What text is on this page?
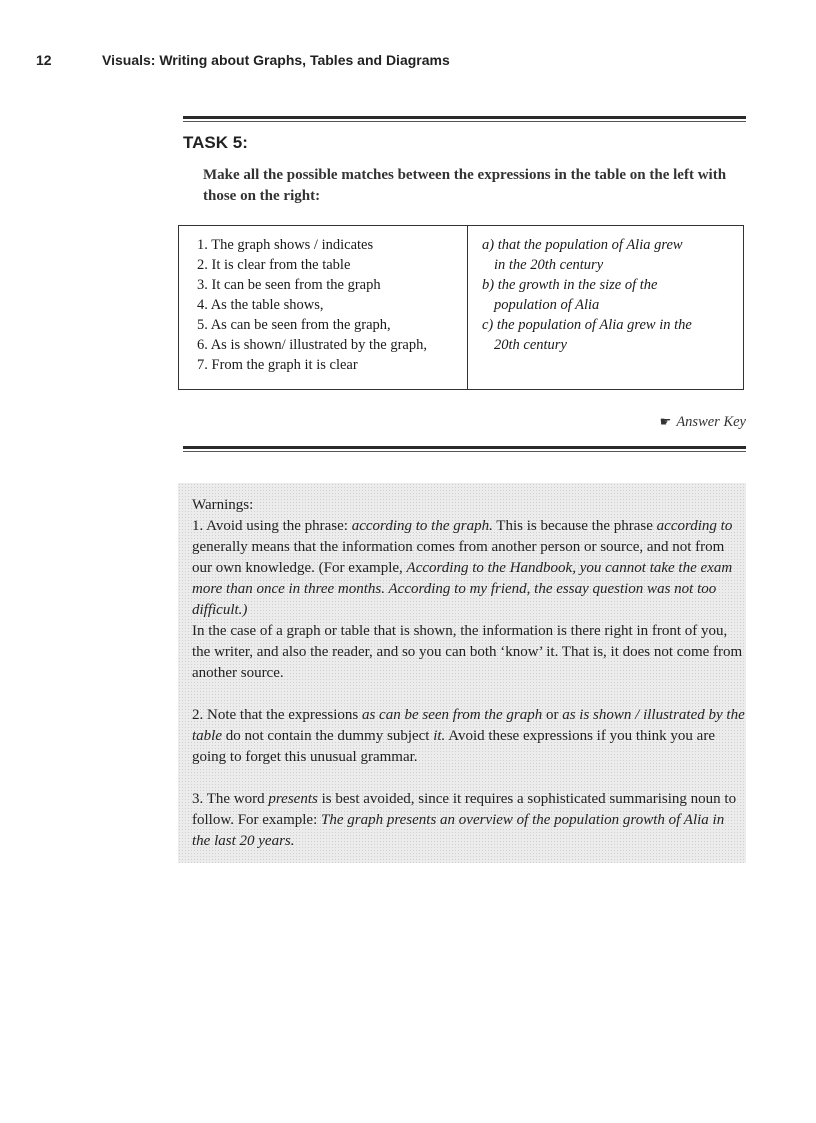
12	Visuals: Writing about Graphs, Tables and Diagrams
TASK 5:
Make all the possible matches between the expressions in the table on the left with those on the right:
1. The graph shows / indicates
2. It is clear from the table
3. It can be seen from the graph
4. As the table shows,
5. As can be seen from the graph,
6. As is shown/ illustrated by the graph,
7. From the graph it is clear
a) that the population of Alia grew
in the 20th century
b) the growth in the size of the
population of Alia
c) the population of Alia grew in the
20th century
☛ Answer Key

Warnings:

1. Avoid using the phrase: according to the graph. This is because the phrase according to generally means that the information comes from another person or source, and not from our own knowledge. (For example, According to the Handbook, you cannot take the exam more than once in three months. According to my friend, the essay question was not too difficult.)

In the case of a graph or table that is shown, the information is there right in front of you, the writer, and also the reader, and so you can both ‘know’ it. That is, it does not come from another source.

2. Note that the expressions as can be seen from the graph or as is shown / illustrated by the table do not contain the dummy subject it. Avoid these expressions if you think you are going to forget this unusual grammar.

3. The word presents is best avoided, since it requires a sophisticated summarising noun to follow. For example: The graph presents an overview of the population growth of Alia in the last 20 years.
